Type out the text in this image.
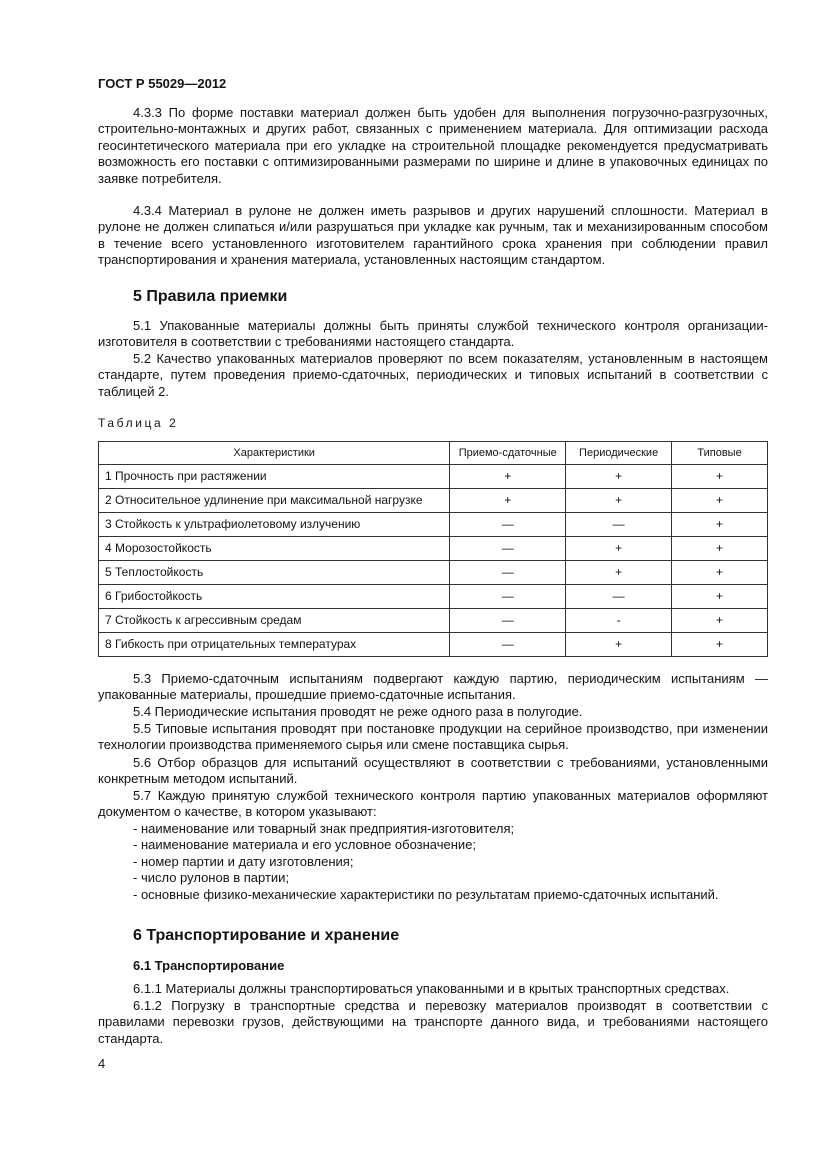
ГОСТ Р 55029—2012

4.3.3 По форме поставки материал должен быть удобен для выполнения погрузочно-разгрузочных, строительно-монтажных и других работ, связанных с применением материала. Для оптимизации расхода геосинтетического материала при его укладке на строительной площадке рекомендуется предусматривать возможность его поставки с оптимизированными размерами по ширине и длине в упаковочных единицах по заявке потребителя.

4.3.4 Материал в рулоне не должен иметь разрывов и других нарушений сплошности. Материал в рулоне не должен слипаться и/или разрушаться при укладке как ручным, так и механизированным способом в течение всего установленного изготовителем гарантийного срока хранения при соблюдении правил транспортирования и хранения материала, установленных настоящим стандартом.

5 Правила приемки

5.1 Упакованные материалы должны быть приняты службой технического контроля организации-изготовителя в соответствии с требованиями настоящего стандарта.

5.2 Качество упакованных материалов проверяют по всем показателям, установленным в настоящем стандарте, путем проведения приемо-сдаточных, периодических и типовых испытаний в соответствии с таблицей 2.

Таблица 2
Характеристики	Приемо-сдаточные	Периодические	Типовые
1 Прочность при растяжении	+	+	+
2 Относительное удлинение при максимальной нагрузке	+	+	+
3 Стойкость к ультрафиолетовому излучению	—	—	+
4 Морозостойкость	—	+	+
5 Теплостойкость	—	+	+
6 Грибостойкость	—	—	+
7 Стойкость к агрессивным средам	—	-	+
8 Гибкость при отрицательных температурах	—	+	+

5.3 Приемо-сдаточным испытаниям подвергают каждую партию, периодическим испытаниям — упакованные материалы, прошедшие приемо-сдаточные испытания.

5.4 Периодические испытания проводят не реже одного раза в полугодие.

5.5 Типовые испытания проводят при постановке продукции на серийное производство, при изменении технологии производства применяемого сырья или смене поставщика сырья.

5.6 Отбор образцов для испытаний осуществляют в соответствии с требованиями, установленными конкретным методом испытаний.

5.7 Каждую принятую службой технического контроля партию упакованных материалов оформляют документом о качестве, в котором указывают:

- наименование или товарный знак предприятия-изготовителя;
- наименование материала и его условное обозначение;
- номер партии и дату изготовления;
- число рулонов в партии;
- основные физико-механические характеристики по результатам приемо-сдаточных испытаний.
6 Транспортирование и хранение
6.1 Транспортирование

6.1.1 Материалы должны транспортироваться упакованными и в крытых транспортных средствах.

6.1.2 Погрузку в транспортные средства и перевозку материалов производят в соответствии с правилами перевозки грузов, действующими на транспорте данного вида, и требованиями настоящего стандарта.

4
